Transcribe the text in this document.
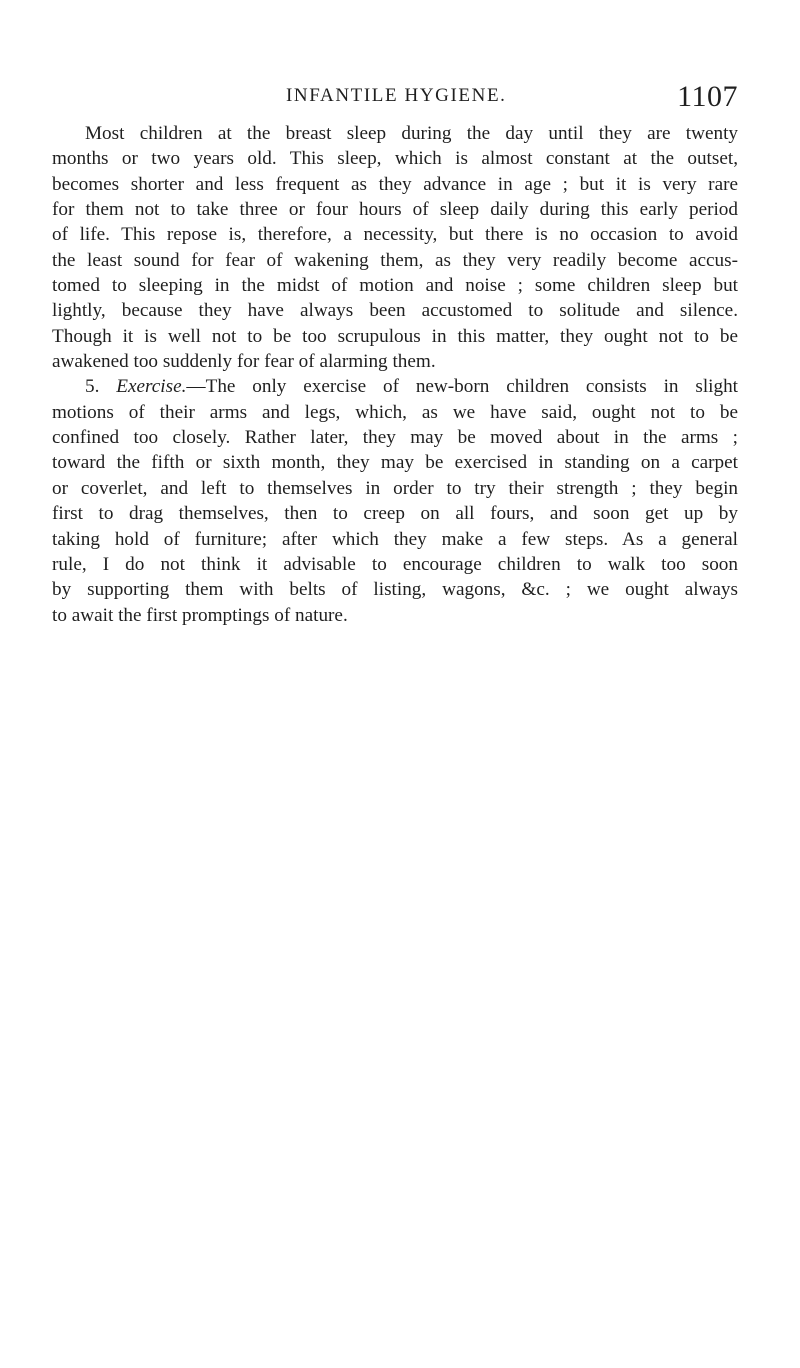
INFANTILE HYGIENE.	1107
Most children at the breast sleep during the day until they are twenty
months or two years old. This sleep, which is almost constant at the outset,
becomes shorter and less frequent as they advance in age ; but it is very rare
for them not to take three or four hours of sleep daily during this early period
of life. This repose is, therefore, a necessity, but there is no occasion to avoid
the least sound for fear of wakening them, as they very readily become accus-
tomed to sleeping in the midst of motion and noise ; some children sleep but
lightly, because they have always been accustomed to solitude and silence.
Though it is well not to be too scrupulous in this matter, they ought not to be
awakened too suddenly for fear of alarming them.
5. Exercise.—The only exercise of new-born children consists in slight
motions of their arms and legs, which, as we have said, ought not to be
confined too closely. Rather later, they may be moved about in the arms ;
toward the fifth or sixth month, they may be exercised in standing on a carpet
or coverlet, and left to themselves in order to try their strength ; they begin
first to drag themselves, then to creep on all fours, and soon get up by
taking hold of furniture; after which they make a few steps. As a general
rule, I do not think it advisable to encourage children to walk too soon
by supporting them with belts of listing, wagons, &c. ; we ought always
to await the first promptings of nature.
